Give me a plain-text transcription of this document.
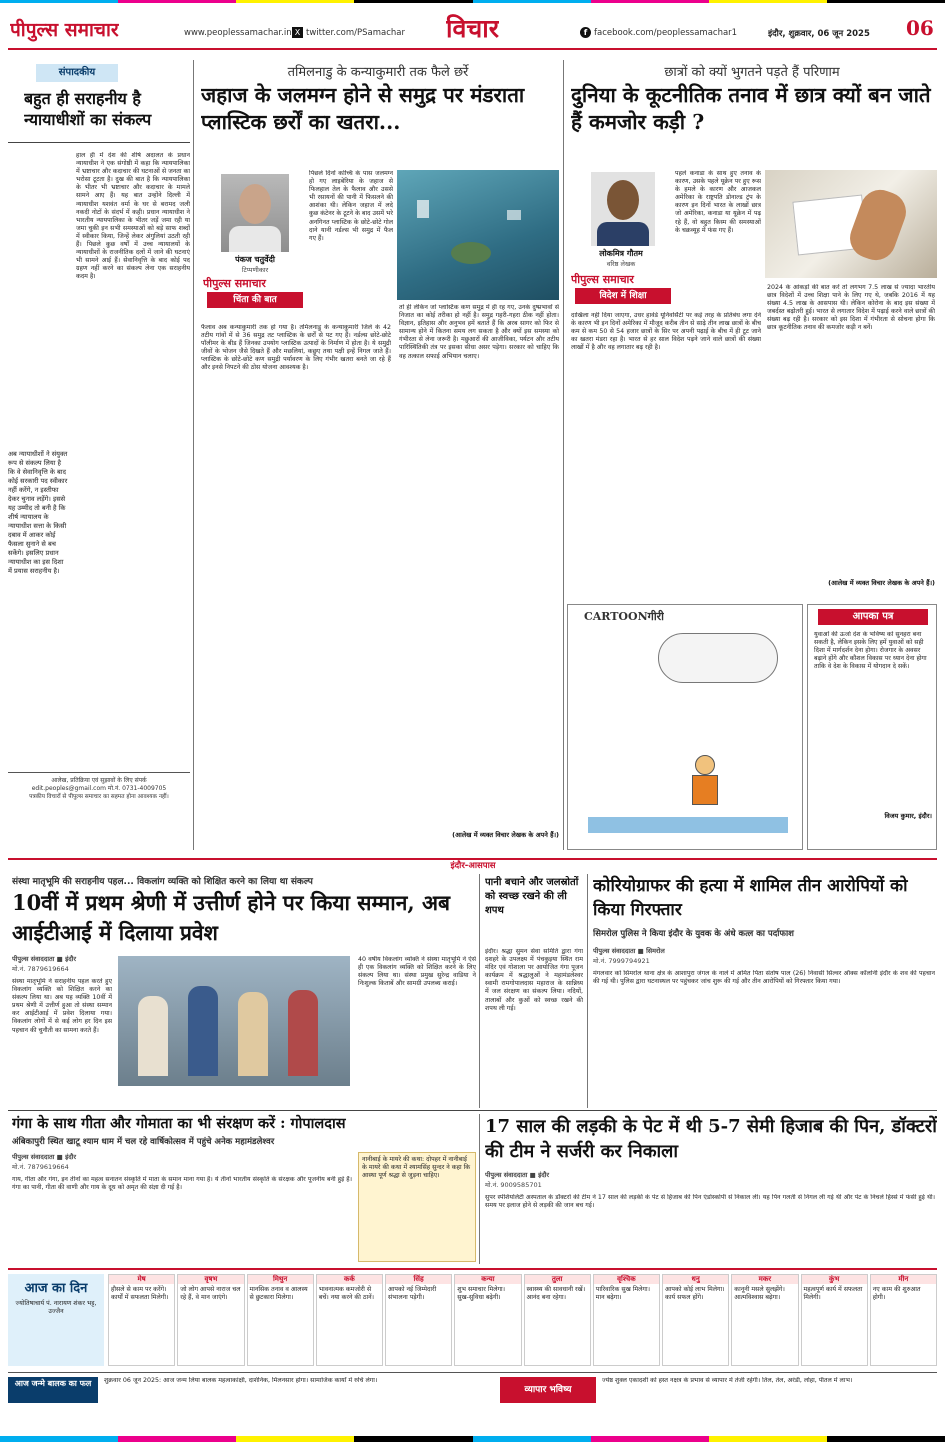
पीपुल्स समाचार	www.peoplessamachar.in X twitter.com/PSamachar विचार	f facebook.com/peoplessamachar1	इंदौर, शुक्रवार, 06 जून 2025 06
संपादकीय
बहुत ही सराहनीय है न्यायाधीशों का संकल्प
अब न्यायाधीशों ने संयुक्त रूप से संकल्प लिया है कि वे सेवानिवृत्ति के बाद कोई सरकारी पद स्वीकार नहीं करेंगे, न इस्तीफा देकर चुनाव लड़ेंगे। इससे यह उम्मीद तो बनी है कि शीर्ष न्यायालय के न्यायाधीश सत्ता के किसी दबाव में आकर कोई फैसला सुनाने से बच सकेंगे। इसलिए प्रधान न्यायाधीश का इस दिशा में प्रयास सराहनीय है।
हाल ही में देश की शीर्ष अदालत के प्रधान न्यायाधीश ने एक संगोष्ठी में कहा कि न्यायपालिका में भ्रष्टाचार और कदाचार की घटनाओं से जनता का भरोसा टूटता है। दुख की बात है कि न्यायपालिका के भीतर भी भ्रष्टाचार और कदाचार के मामले सामने आए हैं। यह बात उन्होंने दिल्ली में न्यायाधीश यशवंत वर्मा के घर से बरामद जली नकदी नोटों के संदर्भ में कही। प्रधान न्यायाधीश ने भारतीय न्यायपालिका के भीतर जड़ें जमा रही या जमा चुकी इन सभी समस्याओं को बड़े साफ शब्दों में स्वीकार किया, जिन्हें लेकर अंगुलियां उठती रही हैं। पिछले कुछ वर्षों में उच्च न्यायालयों के न्यायाधीशों के राजनीतिक दलों में जाने की घटनाएं भी सामने आई हैं। सेवानिवृत्ति के बाद कोई पद ग्रहण नहीं करने का संकल्प लेना एक सराहनीय कदम है।
आलेख, प्रतिक्रिया एवं सुझावों के लिए संपर्क
edit.peoples@gmail.com मो.नं. 0731-4009705
पत्रकीय विचारों से पीपुल्स समाचार का सहमत होना आवश्यक नहीं।
तमिलनाडु के कन्याकुमारी तक फैले छर्रे
जहाज के जलमग्न होने से समुद्र पर मंडराता प्लास्टिक छर्रों का खतरा...
पंकज चतुर्वेदी
टिप्पणीकार
पीपुल्स समाचार
चिंता की बात
पिछले दिनों कोच्चि के पास जलमग्न हो गए लाइबेरिया के जहाज से फिलहाल तेल के फैलाव और उससे भी रसायनों की पानी में फिसलने की आशंका थी। लेकिन जहाज में लदे कुछ कंटेनर के टूटने के बाद उसमें भरे अनगिनत प्लास्टिक के छोटे-छोटे गोल दाने यानी नर्डल्स भी समुद्र में फैल गए हैं।
फैलाव अब कन्याकुमारी तक हो गया है। तमिलनाडु के कन्याकुमारी जिले के 42 तटीय गांवों में से 36 समुद्र तट प्लास्टिक के छर्रों से पट गए हैं। नर्डल्स छोटे-छोटे पॉलीमर के बीड हैं जिनका उपयोग प्लास्टिक उत्पादों के निर्माण में होता है। ये समुद्री जीवों के भोजन जैसे दिखते हैं और मछलियां, कछुए तथा पक्षी इन्हें निगल जाते हैं। प्लास्टिक के छोटे-छोटे कण समुद्री पर्यावरण के लिए गंभीर खतरा बनते जा रहे हैं और इनसे निपटने की ठोस योजना आवश्यक है।
तो ही लेकिन जो प्लास्टिक कण समुद्र में ही रह गए, उनके दुष्प्रभावों से निजात का कोई तरीका हो नहीं है। समुद्र गहरी-गहरा ठीक नहीं होता। विज्ञान, इतिहास और अनुभव हमें बताते हैं कि अरब सागर को फिर से सामान्य होने में कितना समय लग सकता है और क्यों इस समस्या को गंभीरता से लेना जरूरी है। मछुआरों की आजीविका, पर्यटन और तटीय पारिस्थितिकी तंत्र पर इसका सीधा असर पड़ेगा। सरकार को चाहिए कि वह तत्काल सफाई अभियान चलाए।
(आलेख में व्यक्त विचार लेखक के अपने हैं।)
छात्रों को क्यों भुगतने पड़ते हैं परिणाम
दुनिया के कूटनीतिक तनाव में छात्र क्यों बन जाते हैं कमजोर कड़ी ?
लोकमित्र गौतम
वरिष्ठ लेखक
पीपुल्स समाचार
विदेश में शिक्षा
पहले कनाडा के साथ हुए तनाव के कारण, उसके पहले यूक्रेन पर हुए रूस के हमले के कारण और आजकल अमेरिका के राष्ट्रपति डोनाल्ड ट्रंप के कारण इन दिनों भारत के लाखों छात्र जो अमेरिका, कनाडा या यूक्रेन में पढ़ रहे हैं, वो बहुत किस्म की समस्याओं के चक्रव्यूह में फंस गए हैं।
दाखिला नहीं दिया जाएगा, उधर हार्वर्ड यूनिवर्सिटी पर कई तरह के प्रतिबंध लगा देने के कारण भी इन दिनों अमेरिका में मौजूद करीब तीन से साढ़े तीन लाख छात्रों के बीच कम से कम 50 से 54 हजार छात्रों के सिर पर अपनी पढ़ाई के बीच में ही टूट जाने का खतरा मंडरा रहा है। भारत से हर साल विदेश पढ़ने जाने वाले छात्रों की संख्या लाखों में है और वह लगातार बढ़ रही है।
2024 के आंकड़ों की बात करें तो लगभग 7.5 लाख से ज्यादा भारतीय छात्र विदेशों में उच्च शिक्षा पाने के लिए गए थे, जबकि 2016 में यह संख्या 4.5 लाख के आसपास थी। लेकिन कोरोना के बाद इस संख्या में जबर्दस्त बढ़ोतरी हुई। भारत से लगातार विदेश में पढ़ाई करने वाले छात्रों की संख्या बढ़ रही है। सरकार को इस दिशा में गंभीरता से सोचना होगा कि छात्र कूटनीतिक तनाव की कमजोर कड़ी न बनें।
(आलेख में व्यक्त विचार लेखक के अपने हैं।)
CARTOONगीरी	आपका पत्र
युवाओं की ऊर्जा देश के भविष्य को सुनहरा बना सकती है, लेकिन इसके लिए हमें युवाओं को सही दिशा में मार्गदर्शन देना होगा। रोजगार के अवसर बढ़ाने होंगे और कौशल विकास पर ध्यान देना होगा ताकि वे देश के विकास में योगदान दे सकें।
विजय कुमार, इंदौर।
इंदौर-आसपास
संस्था मातृभूमि की सराहनीय पहल... विकलांग व्यक्ति को शिक्षित करने का लिया था संकल्प
10वीं में प्रथम श्रेणी में उत्तीर्ण होने पर किया सम्मान, अब आईटीआई में दिलाया प्रवेश
पीपुल्स संवाददाता ■ इंदौर
मो.नं. 7879619664
संस्था मातृभूमि ने सराहनीय पहल करते हुए विकलांग व्यक्ति को शिक्षित करने का संकल्प लिया था। अब यह व्यक्ति 10वीं में प्रथम श्रेणी में उत्तीर्ण हुआ तो संस्था सम्मान कर आईटीआई में प्रवेश दिलाया गया। विकलांग लोगों में से कई लोग हर दिन इस पहचान की चुनौती का सामना करते हैं।
40 वर्षीय विकलांग व्यक्ति ने संस्था मातृभूमि ने ऐसे ही एक विकलांग व्यक्ति को शिक्षित करने के लिए संकल्प लिया था। संस्था प्रमुख सुरेन्द्र वाडिया ने निःशुल्क किताबें और सामग्री उपलब्ध कराई।
पानी बचाने और जलस्रोतों को स्वच्छ रखने की ली शपथ
इंदौर। श्रद्धा सुमन सेवा समिति द्वारा गंगा दशहरे के उपलक्ष्य में पंचकुइया स्थित राम मंदिर एवं गोशाला पर आयोजित गंगा पूजन कार्यक्रम में श्रद्धालुओं ने महामंडलेश्वर स्वामी रामगोपालदास महाराज के सान्निध्य में जल संरक्षण का संकल्प लिया। नदियों, तालाबों और कुओं को स्वच्छ रखने की शपथ ली गई।
कोरियोग्राफर की हत्या में शामिल तीन आरोपियों को किया गिरफ्तार
सिमरोल पुलिस ने किया इंदौर के युवक के अंधे कत्ल का पर्दाफाश
पीपुल्स संवाददाता ■ सिमरोल
मो.नं. 7999794921
मंगलवार को सिमरोल थाना क्षेत्र के आशापुरा जंगल के नाले में अमित पिता संतोष पाल (26) निवासी सिल्वर ऑक्स कॉलोनी इंदौर के शव की पहचान की गई थी। पुलिस द्वारा घटनास्थल पर पहुंचकर जांच शुरू की गई और तीन आरोपियों को गिरफ्तार किया गया।
गंगा के साथ गीता और गोमाता का भी संरक्षण करें : गोपालदास
अंबिकापुरी स्थित खाटू श्याम धाम में चल रहे वार्षिकोत्सव में पहुंचे अनेक महामंडलेश्वर
पीपुल्स संवाददाता ■ इंदौर
मो.नं. 7879619664
गाय, गीता और गंगा, इन तीनों का महत्व सनातन संस्कृति में माता के समान माना गया है। ये तीनों भारतीय संस्कृति के संरक्षक और पूजनीय बनी हुई हैं। गंगा का पानी, गीता की वाणी और गाय के दूध को अमृत की संज्ञा दी गई है।
नानीबाई के मायरे की कथा: दोपहर में नानीबाई के मायरे की कथा में श्यामसिंह सुन्दर ने कहा कि आस्था पूर्ण श्रद्धा से जुड़ना चाहिए।
17 साल की लड़की के पेट में थी 5-7 सेमी हिजाब की पिन, डॉक्टरों की टीम ने सर्जरी कर निकाला
पीपुल्स संवाददाता ■ इंदौर
मो.नं. 9009585701
सुपर स्पेशियलिटी अस्पताल के डॉक्टरों की टीम ने 17 साल की लड़की के पेट से हिजाब की पिन एंडोस्कोपी से निकाल ली। यह पिन गलती से निगल ली गई थी और पेट के निचले हिस्से में फंसी हुई थी। समय पर इलाज होने से लड़की की जान बच गई।
आज का दिन
ज्योतिषाचार्य पं. नारायण शंकर भट्ट, उज्जैन
मेष
हौसले से काम पर करेंगे। कार्यों में सफलता मिलेगी।
वृषभ
जो लोग आपसे नाराज चल रहे हैं, वे मान जाएंगे।
मिथुन
मानसिक तनाव व आलस्य से छुटकारा मिलेगा।
कर्क
भावनात्मक कमजोरी से बचें। नया करने की ठानें।
सिंह
आपको नई जिम्मेदारी संभालना पड़ेगी।
कन्या
शुभ समाचार मिलेगा। सुख-सुविधा बढ़ेगी।
तुला
स्वास्थ्य की सावधानी रखें। आनंद बना रहेगा।
वृश्चिक
पारिवारिक सुख मिलेगा। मान बढ़ेगा।
धनु
आपको कोई लाभ मिलेगा। कार्य सफल होंगे।
मकर
कानूनी मसले सुलझेंगे। आत्मविश्वास बढ़ेगा।
कुंभ
महत्वपूर्ण कार्य में सफलता मिलेगी।
मीन
नए काम की शुरुआत होगी।
आज जन्मे बालक का फल	शुक्रवार 06 जून 2025: आज जन्म लिया बालक महत्वाकांक्षी, दार्शनिक, मिलनसार होगा। सामाजिक कार्यों में रुचि लेगा।
व्यापार भविष्य
ज्येष्ठ शुक्ल एकादशी को हस्त नक्षत्र के प्रभाव से व्यापार में तेजी रहेगी। तिल, तेल, अरंडी, लोहा, पीतल में लाभ।
